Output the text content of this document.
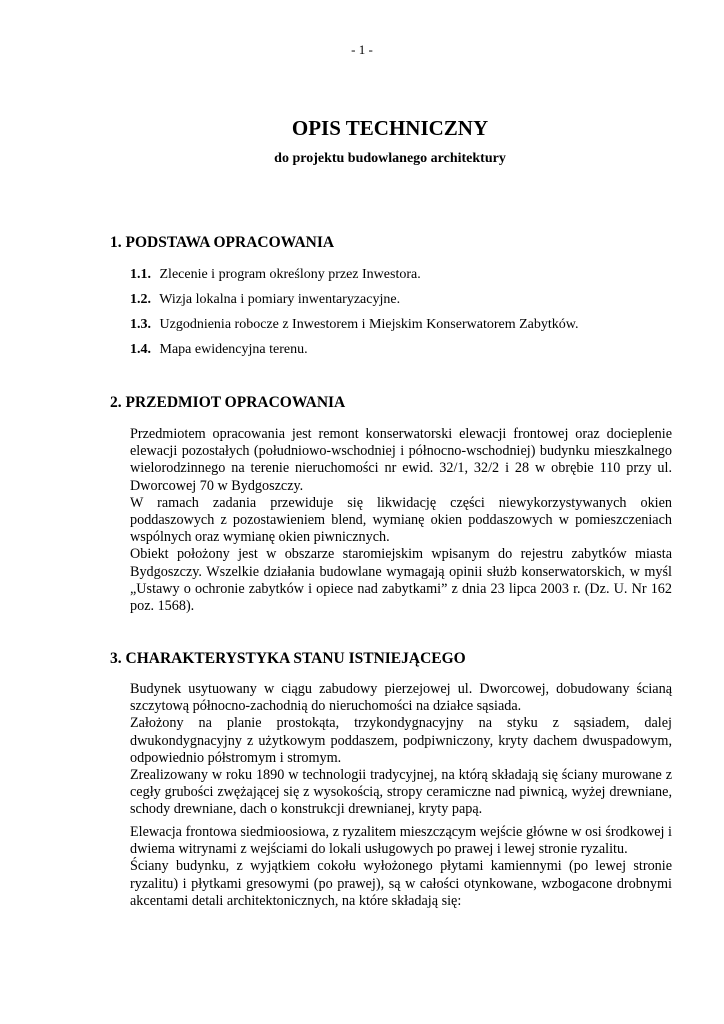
- 1 -
OPIS TECHNICZNY
do projektu budowlanego architektury
1. PODSTAWA OPRACOWANIA
1.1. Zlecenie i program określony przez Inwestora.
1.2. Wizja lokalna i pomiary inwentaryzacyjne.
1.3. Uzgodnienia robocze z Inwestorem i Miejskim Konserwatorem Zabytków.
1.4. Mapa ewidencyjna terenu.
2. PRZEDMIOT OPRACOWANIA

Przedmiotem opracowania jest remont konserwatorski elewacji frontowej oraz docieplenie elewacji pozostałych (południowo-wschodniej i północno-wschodniej) budynku mieszkalnego wielorodzinnego na terenie nieruchomości nr ewid. 32/1, 32/2 i 28 w obrębie 110 przy ul. Dworcowej 70 w Bydgoszczy.

W ramach zadania przewiduje się likwidację części niewykorzystywanych okien poddaszowych z pozostawieniem blend, wymianę okien poddaszowych w pomieszczeniach wspólnych oraz wymianę okien piwnicznych.

Obiekt położony jest w obszarze staromiejskim wpisanym do rejestru zabytków miasta Bydgoszczy. Wszelkie działania budowlane wymagają opinii służb konserwatorskich, w myśl „Ustawy o ochronie zabytków i opiece nad zabytkami” z dnia 23 lipca 2003 r. (Dz. U. Nr 162 poz. 1568).

3. CHARAKTERYSTYKA STANU ISTNIEJĄCEGO

Budynek usytuowany w ciągu zabudowy pierzejowej ul. Dworcowej, dobudowany ścianą szczytową północno-zachodnią do nieruchomości na działce sąsiada.

Założony na planie prostokąta, trzykondygnacyjny na styku z sąsiadem, dalej dwukondygnacyjny z użytkowym poddaszem, podpiwniczony, kryty dachem dwuspadowym, odpowiednio półstromym i stromym.

Zrealizowany w roku 1890 w technologii tradycyjnej, na którą składają się ściany murowane z cegły grubości zwężającej się z wysokością, stropy ceramiczne nad piwnicą, wyżej drewniane, schody drewniane, dach o konstrukcji drewnianej, kryty papą.

Elewacja frontowa siedmioosiowa, z ryzalitem mieszczącym wejście główne w osi środkowej i dwiema witrynami z wejściami do lokali usługowych po prawej i lewej stronie ryzalitu.

Ściany budynku, z wyjątkiem cokołu wyłożonego płytami kamiennymi (po lewej stronie ryzalitu) i płytkami gresowymi (po prawej), są w całości otynkowane, wzbogacone drobnymi akcentami detali architektonicznych, na które składają się:
